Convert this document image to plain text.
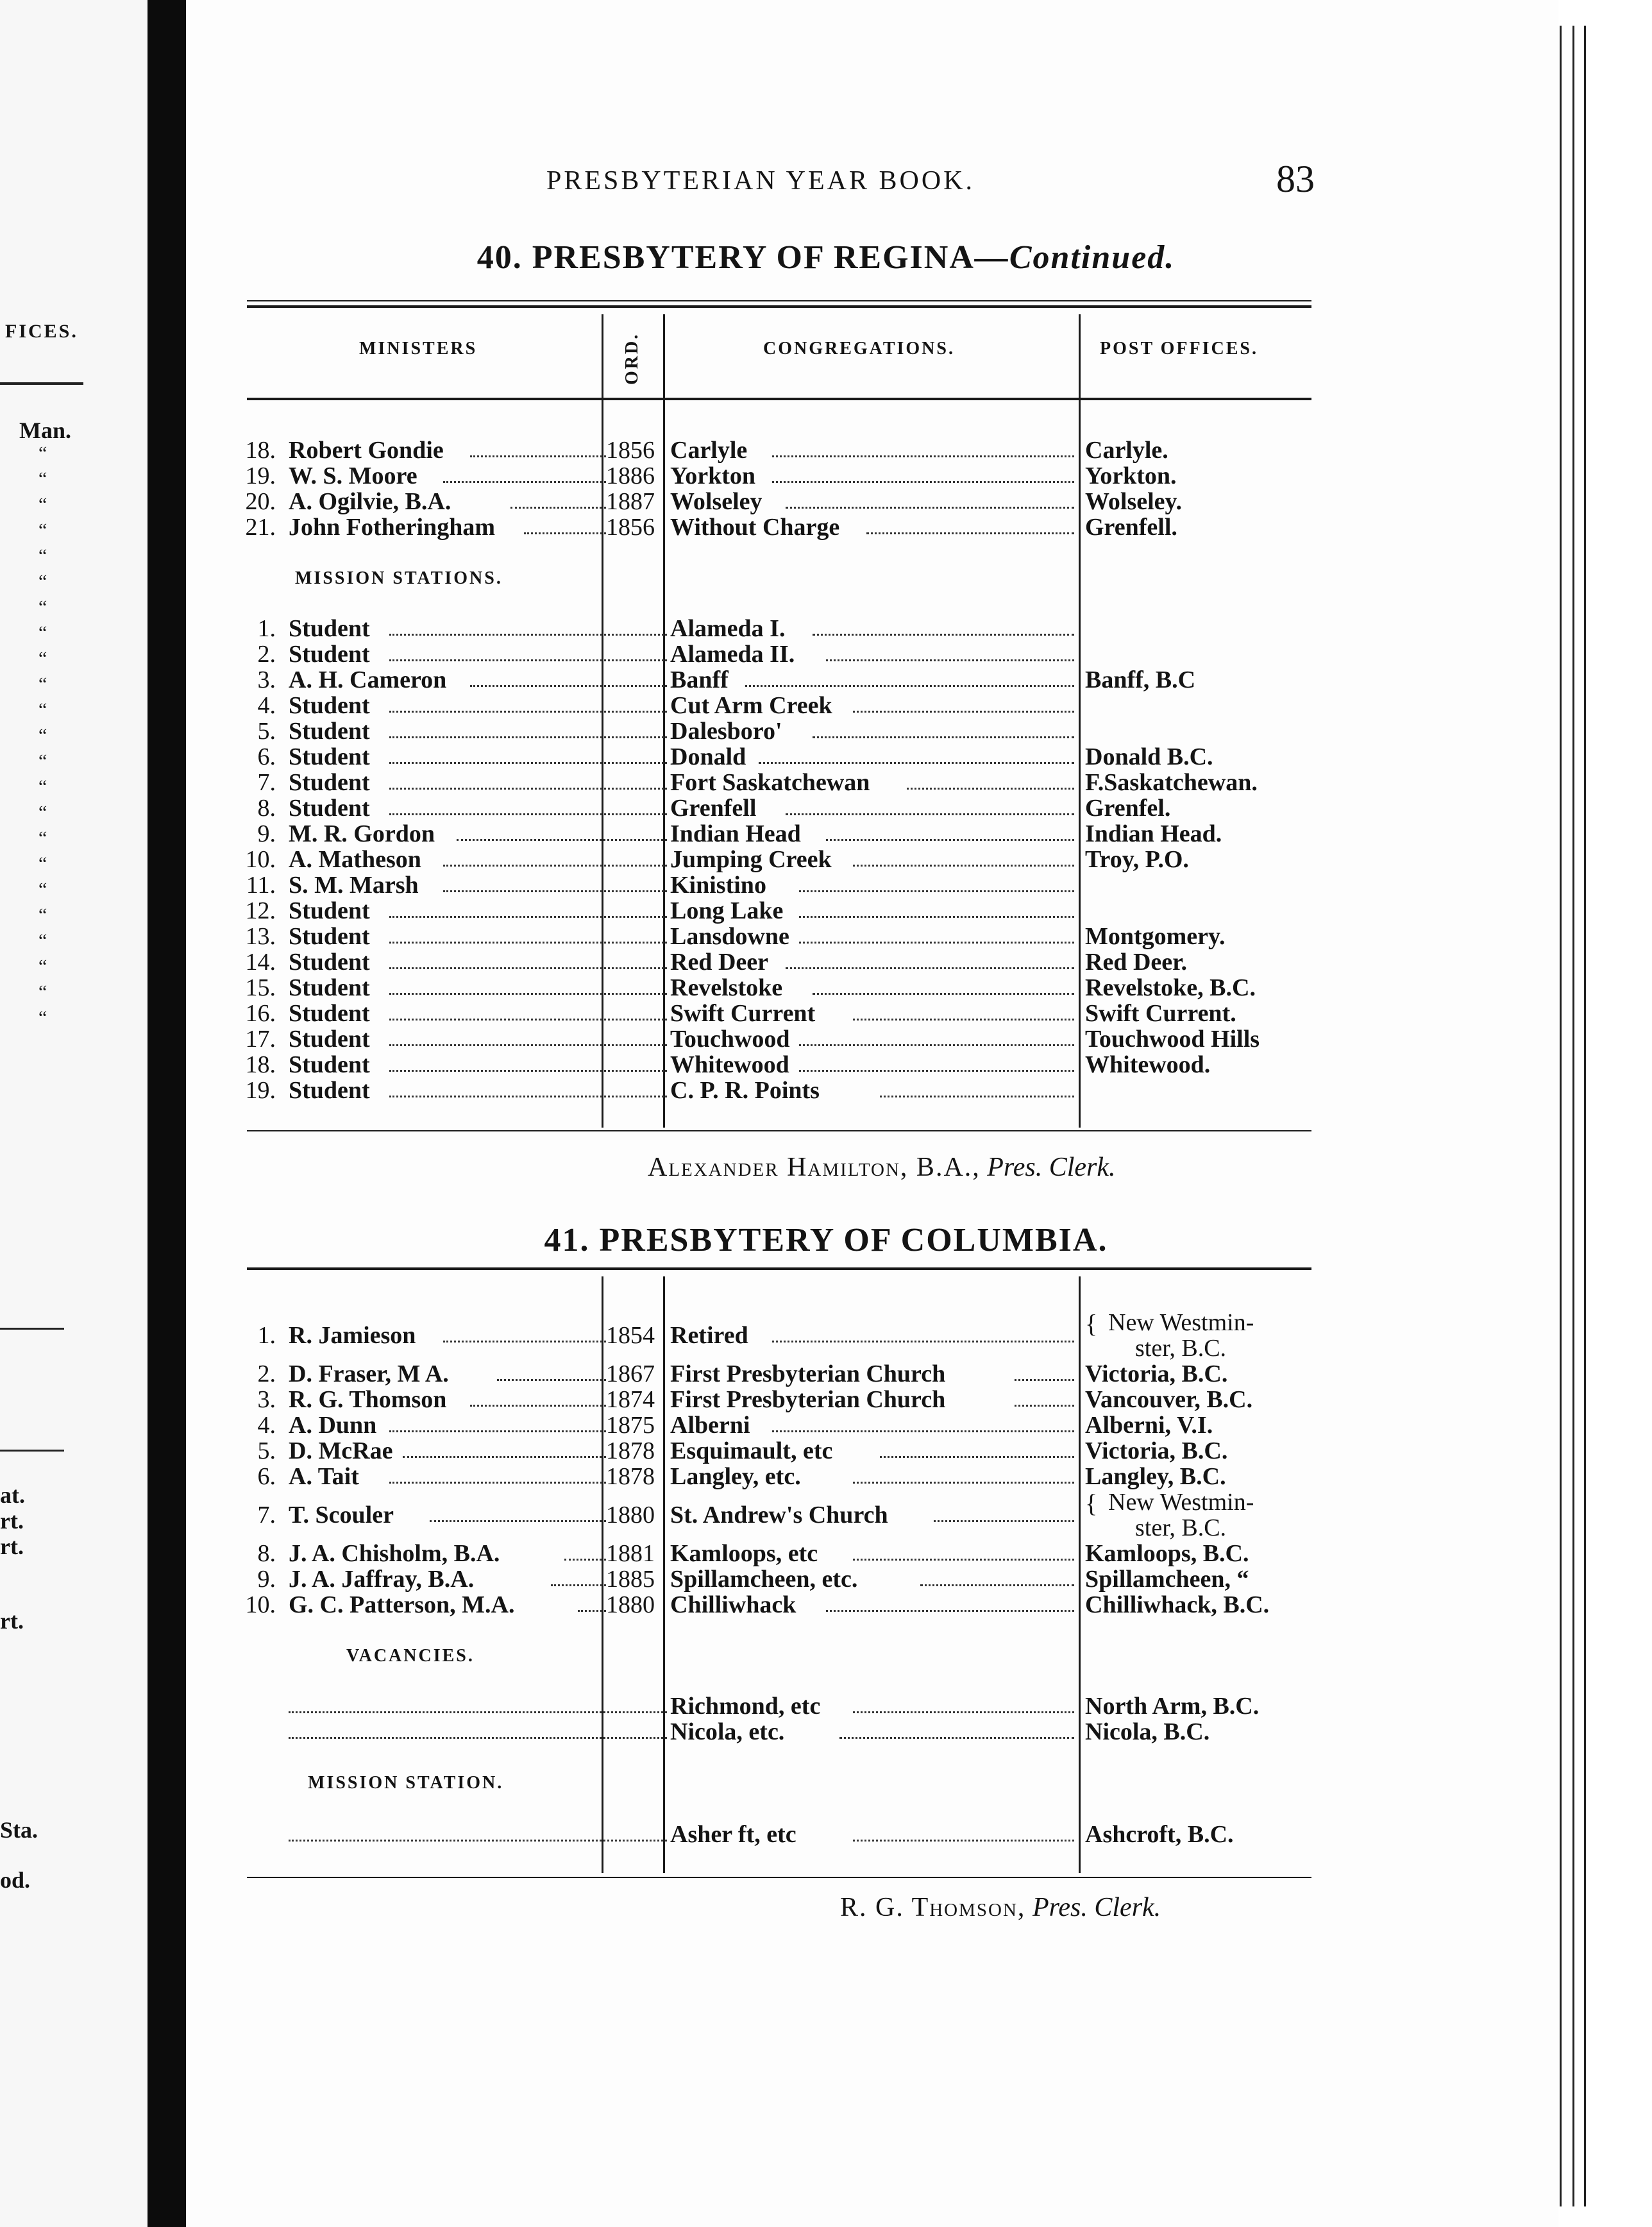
FICES.
Man.
“
“
“
“
“
“
“
“
“
“
“
“
“
“
“
“
“
“
“
“
“
“
“
at.
rt.
rt.
rt.
Sta.
od.
PRESBYTERIAN YEAR BOOK.	83
40. PRESBYTERY OF REGINA—Continued.
MINISTERS	ORD.	CONGREGATIONS.	POST OFFICES.
18. Robert Gondie	1856 Carlyle	Carlyle.
19. W. S. Moore	1886 Yorkton	Yorkton.
20. A. Ogilvie, B.A.	1887 Wolseley	Wolseley.
21. John Fotheringham	1856 Without Charge	Grenfell.
MISSION STATIONS.
1. Student	Alameda I.
2. Student	Alameda II.
3. A. H. Cameron	Banff	Banff, B.C
4. Student	Cut Arm Creek
5. Student	Dalesboro'
6. Student	Donald	Donald B.C.
7. Student	Fort Saskatchewan	F.Saskatchewan.
8. Student	Grenfell	Grenfel.
9. M. R. Gordon	Indian Head	Indian Head.
10. A. Matheson	Jumping Creek	Troy, P.O.
11. S. M. Marsh	Kinistino
12. Student	Long Lake
13. Student	Lansdowne	Montgomery.
14. Student	Red Deer	Red Deer.
15. Student	Revelstoke	Revelstoke, B.C.
16. Student	Swift Current	Swift Current.
17. Student	Touchwood	Touchwood Hills
18. Student	Whitewood	Whitewood.
19. Student	C. P. R. Points
Alexander Hamilton, B.A., Pres. Clerk.
41. PRESBYTERY OF COLUMBIA.
1. R. Jamieson	1854 Retired	{ New Westmin-
ster, B.C.
2. D. Fraser, M A.	1867 First Presbyterian Church	Victoria, B.C.
3. R. G. Thomson	1874 First Presbyterian Church	Vancouver, B.C.
4. A. Dunn	1875 Alberni	Alberni, V.I.
5. D. McRae	1878 Esquimault, etc	Victoria, B.C.
6. A. Tait	1878 Langley, etc.	Langley, B.C.
7. T. Scouler	1880 St. Andrew's Church	{ New Westmin-
ster, B.C.
8. J. A. Chisholm, B.A.	1881 Kamloops, etc	Kamloops, B.C.
9. J. A. Jaffray, B.A.	1885 Spillamcheen, etc.	Spillamcheen, “
10. G. C. Patterson, M.A.	1880 Chilliwhack	Chilliwhack, B.C.
VACANCIES.
Richmond, etc	North Arm, B.C.
Nicola, etc.	Nicola, B.C.
MISSION STATION.
Asher ft, etc	Ashcroft, B.C.
R. G. Thomson, Pres. Clerk.
